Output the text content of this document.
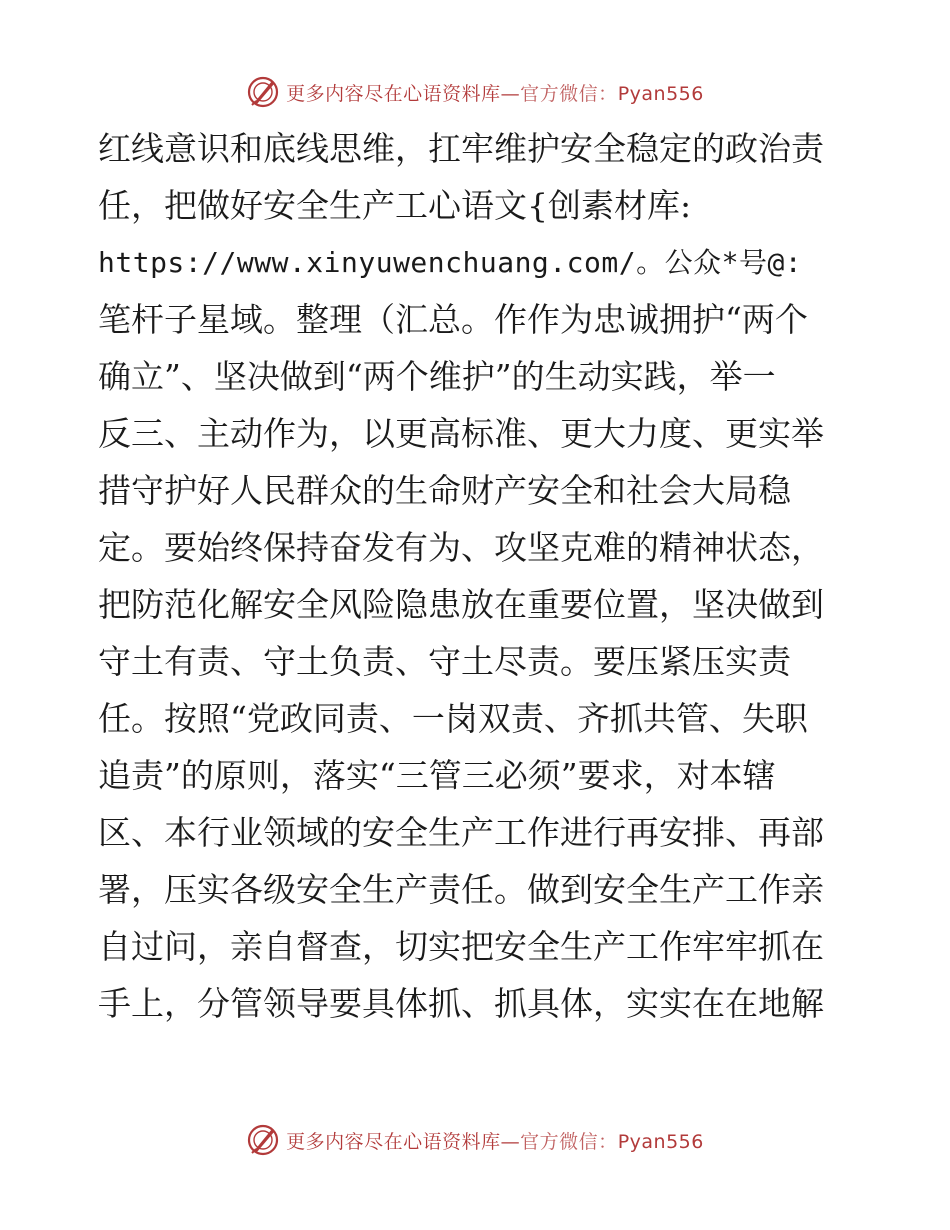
更多内容尽在心语资料库—官方微信：Pyan556
红线意识和底线思维，扛牢维护安全稳定的政治责
任，把做好安全生产工心语文{创素材库:
https://www.xinyuwenchuang.com/。公众*号@:
笔杆子星域。整理（汇总。作作为忠诚拥护“两个
确立”、坚决做到“两个维护”的生动实践，举一
反三、主动作为，以更高标准、更大力度、更实举
措守护好人民群众的生命财产安全和社会大局稳
定。要始终保持奋发有为、攻坚克难的精神状态，
把防范化解安全风险隐患放在重要位置，坚决做到
守土有责、守土负责、守土尽责。要压紧压实责
任。按照“党政同责、一岗双责、齐抓共管、失职
追责”的原则，落实“三管三必须”要求，对本辖
区、本行业领域的安全生产工作进行再安排、再部
署，压实各级安全生产责任。做到安全生产工作亲
自过问，亲自督查，切实把安全生产工作牢牢抓在
手上，分管领导要具体抓、抓具体，实实在在地解
更多内容尽在心语资料库—官方微信：Pyan556
